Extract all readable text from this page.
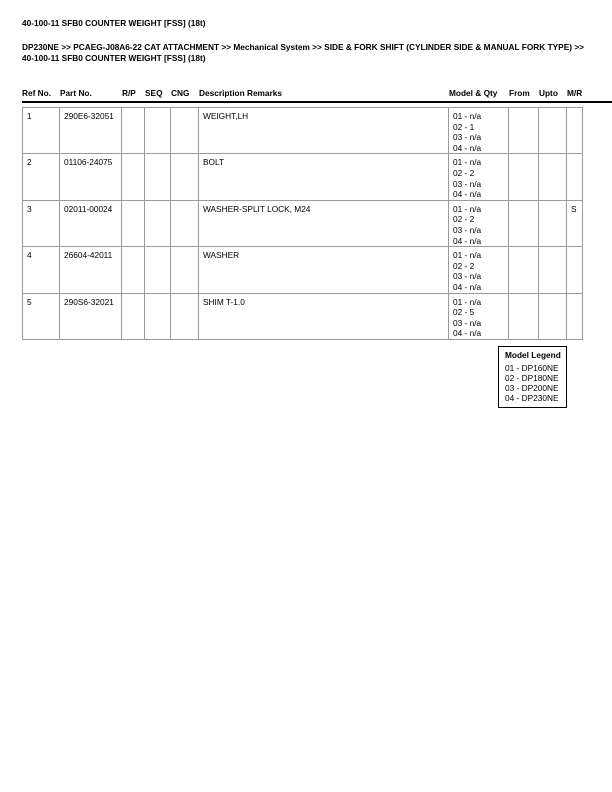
40-100-11 SFB0 COUNTER WEIGHT [FSS] (18t)
DP230NE >> PCAEG-J08A6-22 CAT ATTACHMENT >> Mechanical System >> SIDE & FORK SHIFT (CYLINDER SIDE & MANUAL FORK TYPE) >> 40-100-11 SFB0 COUNTER WEIGHT [FSS] (18t)
Ref No. Part No.	R/P SEQ CNG Description Remarks	Model & Qty From Upto M/R
1	290E6-32051				WEIGHT,LH	01 - n/a
02 - 1
03 - n/a
04 - n/a			

2	01106-24075				BOLT	01 - n/a
02 - 2
03 - n/a
04 - n/a			

3	02011-00024				WASHER-SPLIT LOCK, M24	01 - n/a
02 - 2
03 - n/a
04 - n/a			S
4	26604-42011				WASHER	01 - n/a
02 - 2
03 - n/a
04 - n/a			

5	290S6-32021				SHIM T-1.0	01 - n/a
02 - 5
03 - n/a
04 - n/a			

Model Legend
01 - DP160NE
02 - DP180NE
03 - DP200NE
04 - DP230NE
